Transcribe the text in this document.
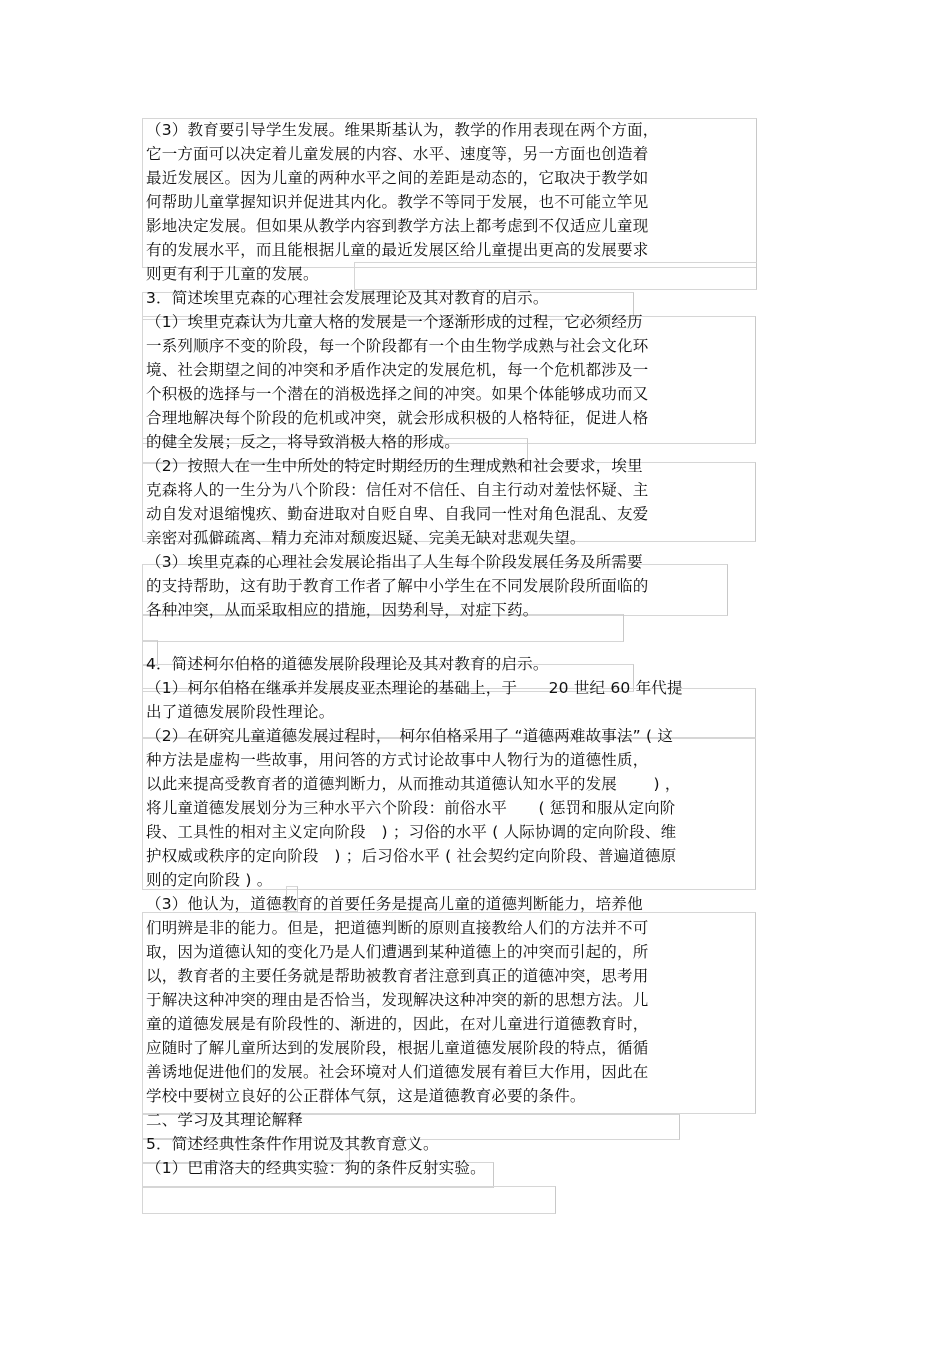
（3）教育要引导学生发展。维果斯基认为，教学的作用表现在两个方面，
它一方面可以决定着儿童发展的内容、水平、速度等，另一方面也创造着
最近发展区。因为儿童的两种水平之间的差距是动态的，它取决于教学如
何帮助儿童掌握知识并促进其内化。教学不等同于发展，也不可能立竿见
影地决定发展。但如果从教学内容到教学方法上都考虑到不仅适应儿童现
有的发展水平，而且能根据儿童的最近发展区给儿童提出更高的发展要求
则更有利于儿童的发展。
3．简述埃里克森的心理社会发展理论及其对教育的启示。
（1）埃里克森认为儿童人格的发展是一个逐渐形成的过程，它必须经历
一系列顺序不变的阶段，每一个阶段都有一个由生物学成熟与社会文化环
境、社会期望之间的冲突和矛盾作决定的发展危机，每一个危机都涉及一
个积极的选择与一个潜在的消极选择之间的冲突。如果个体能够成功而又
合理地解决每个阶段的危机或冲突，就会形成积极的人格特征，促进人格
的健全发展；反之，将导致消极人格的形成。
（2）按照人在一生中所处的特定时期经历的生理成熟和社会要求，埃里
克森将人的一生分为八个阶段：信任对不信任、自主行动对羞怯怀疑、主
动自发对退缩愧疚、勤奋进取对自贬自卑、自我同一性对角色混乱、友爱
亲密对孤僻疏离、精力充沛对颓废迟疑、完美无缺对悲观失望。
（3）埃里克森的心理社会发展论指出了人生每个阶段发展任务及所需要
的支持帮助，这有助于教育工作者了解中小学生在不同发展阶段所面临的
各种冲突，从而采取相应的措施，因势利导，对症下药。
4．简述柯尔伯格的道德发展阶段理论及其对教育的启示。
（1）柯尔伯格在继承并发展皮亚杰理论的基础上，于　　20 世纪 60 年代提
出了道德发展阶段性理论。
（2）在研究儿童道德发展过程时，　柯尔伯格采用了 “道德两难故事法” ( 这
种方法是虚构一些故事，用问答的方式讨论故事中人物行为的道德性质，
以此来提高受教育者的道德判断力，从而推动其道德认知水平的发展　　 ) ，
将儿童道德发展划分为三种水平六个阶段：前俗水平　　( 惩罚和服从定向阶
段、工具性的相对主义定向阶段　) ；习俗的水平 ( 人际协调的定向阶段、维
护权威或秩序的定向阶段　) ；后习俗水平 ( 社会契约定向阶段、普遍道德原
则的定向阶段 ) 。
（3）他认为，道德教育的首要任务是提高儿童的道德判断能力，培养他
们明辨是非的能力。但是，把道德判断的原则直接教给人们的方法并不可
取，因为道德认知的变化乃是人们遭遇到某种道德上的冲突而引起的，所
以，教育者的主要任务就是帮助被教育者注意到真正的道德冲突，思考用
于解决这种冲突的理由是否恰当，发现解决这种冲突的新的思想方法。儿
童的道德发展是有阶段性的、渐进的，因此，在对儿童进行道德教育时，
应随时了解儿童所达到的发展阶段，根据儿童道德发展阶段的特点，循循
善诱地促进他们的发展。社会环境对人们道德发展有着巨大作用，因此在
学校中要树立良好的公正群体气氛，这是道德教育必要的条件。
二、学习及其理论解释
5．简述经典性条件作用说及其教育意义。
（1）巴甫洛夫的经典实验：狗的条件反射实验。
